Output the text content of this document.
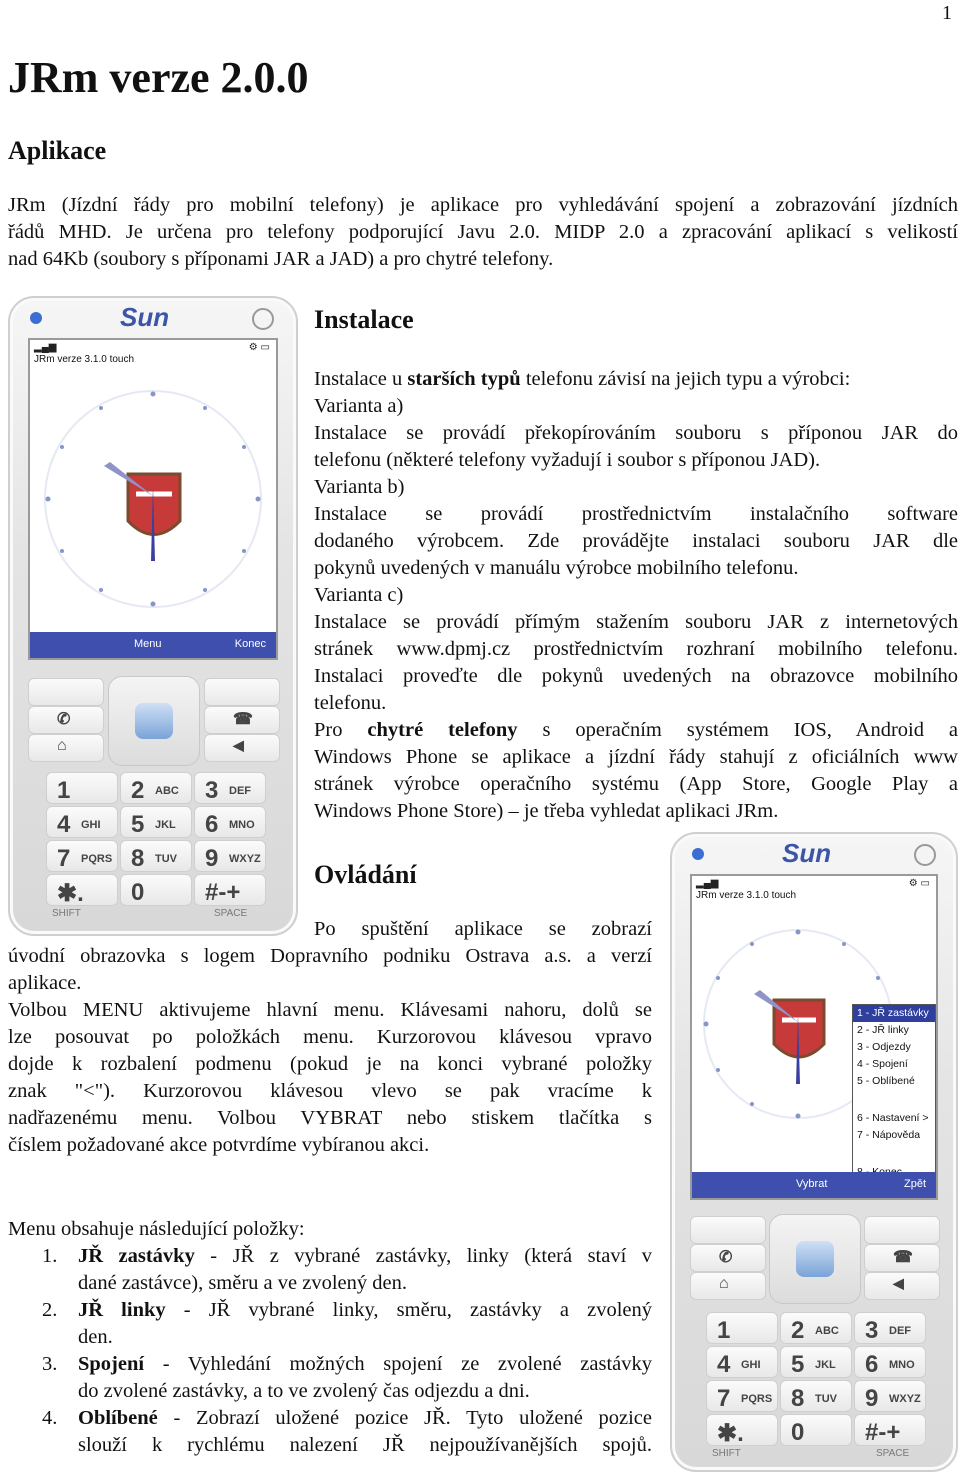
1
JRm verze 2.0.0
Aplikace
JRm (Jízdní řády pro mobilní telefony) je aplikace pro vyhledávání spojení a zobrazování jízdních
řádů MHD. Je určena pro telefony podporující Javu 2.0. MIDP 2.0 a zpracování aplikací s velikostí
nad 64Kb (soubory s příponami JAR a JAD) a pro chytré telefony.
Sun
▂▄▆	⚙ ▭
JRm verze 3.1.0 touch
Menu	Konec
✆
⌂
☎
◀
1	2 ABC 3 DEF
4 GHI 5 JKL 6 MNO
7 PQRS 8 TUV 9 WXYZ
✱. 0	#-+
SHIFT	SPACE
Instalace
Instalace u starších typů telefonu závisí na jejich typu a výrobci:
Varianta a)
Instalace se provádí překopírováním souboru s příponou JAR do
telefonu (některé telefony vyžadují i soubor s příponou JAD).
Varianta b)
Instalace se provádí prostřednictvím instalačního software
dodaného výrobcem. Zde provádějte instalaci souboru JAR dle
pokynů uvedených v manuálu výrobce mobilního telefonu.
Varianta c)
Instalace se provádí přímým stažením souboru JAR z internetových
stránek www.dpmj.cz prostřednictvím rozhraní mobilního telefonu.
Instalaci proveďte dle pokynů uvedených na obrazovce mobilního
telefonu.
Pro chytré telefony s operačním systémem IOS, Android a
Windows Phone se aplikace a jízdní řády stahují z oficiálních www
stránek výrobce operačního systému (App Store, Google Play a
Windows Phone Store) – je třeba vyhledat aplikaci JRm.
Ovládání
Po spuštění aplikace se zobrazí
úvodní obrazovka s logem Dopravního podniku Ostrava a.s. a verzí
aplikace.
Volbou MENU aktivujeme hlavní menu. Klávesami nahoru, dolů se
lze posouvat po položkách menu. Kurzorovou klávesou vpravo
dojde k rozbalení podmenu (pokud je na konci vybrané položky
znak "<"). Kurzorovou klávesou vlevo se pak vracíme k
nadřazenému menu. Volbou VYBRAT nebo stiskem tlačítka s
číslem požadované akce potvrdíme vybíranou akci.
Sun
▂▄▆	⚙ ▭
JRm verze 3.1.0 touch
1 - JŘ zastávky
2 - JŘ linky
3 - Odjezdy
4 - Spojení
5 - Oblíbené
6 - Nastavení >
7 - Nápověda
Vybrat	Zpět
✆
⌂
☎
◀
1	2 ABC 3 DEF
4 GHI 5 JKL 6 MNO
7 PQRS 8 TUV 9 WXYZ
✱. 0	#-+
SHIFT	SPACE
Menu obsahuje následující položky:
1. JŘ zastávky - JŘ z vybrané zastávky, linky (která staví v
dané zastávce), směru a ve zvolený den.
2. JŘ linky - JŘ vybrané linky, směru, zastávky a zvolený
den.
3. Spojení - Vyhledání možných spojení ze zvolené zastávky
do zvolené zastávky, a to ve zvolený čas odjezdu a dni.
4. Oblíbené - Zobrazí uložené pozice JŘ. Tyto uložené pozice
slouží k rychlému nalezení JŘ nejpoužívanějších spojů.
